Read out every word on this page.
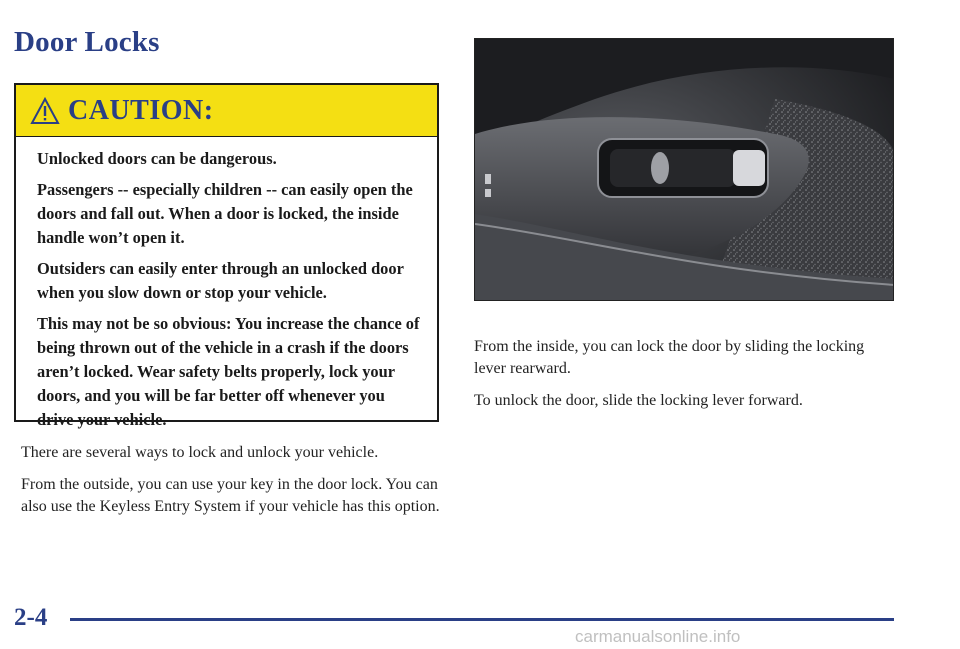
Door Locks
CAUTION:

Unlocked doors can be dangerous.

Passengers -- especially children -- can easily open the doors and fall out. When a door is locked, the inside handle won’t open it.

Outsiders can easily enter through an unlocked door when you slow down or stop your vehicle.

This may not be so obvious: You increase the chance of being thrown out of the vehicle in a crash if the doors aren’t locked. Wear safety belts properly, lock your doors, and you will be far better off whenever you drive your vehicle.

There are several ways to lock and unlock your vehicle.

From the outside, you can use your key in the door lock. You can also use the Keyless Entry System if your vehicle has this option.

From the inside, you can lock the door by sliding the locking lever rearward.

To unlock the door, slide the locking lever forward.

2-4
carmanualsonline.info
